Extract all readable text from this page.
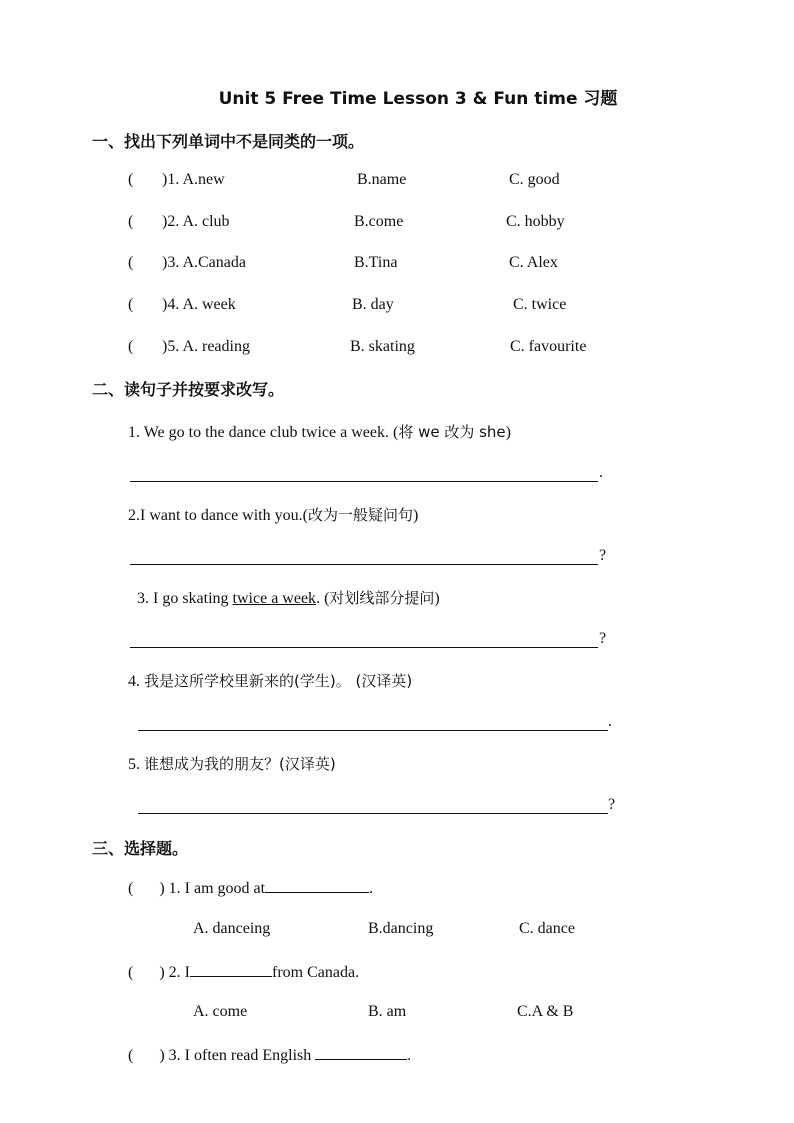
Unit 5 Free Time Lesson 3 & Fun time 习题
一、找出下列单词中不是同类的一项。
( )1. A.new	B.name	C. good
( )2. A. club	B.come	C. hobby
( )3. A.Canada	B.Tina	C. Alex
( )4. A. week	B. day	C. twice
( )5. A. reading	B. skating	C. favourite
二、读句子并按要求改写。
1. We go to the dance club twice a week. (将 we 改为 she)
.
2.I want to dance with you.(改为一般疑问句)
?
3. I go skating twice a week. (对划线部分提问)
?
4. 我是这所学校里新来的(学生)。 (汉译英)
.
5. 谁想成为我的朋友？(汉译英)
?
三、选择题。
( ) 1. I am good at	.
A. danceing	B.dancing	C. dance
( ) 2. I	from Canada.
A. come	B. am	C.A & B
( ) 3. I often read English	.
